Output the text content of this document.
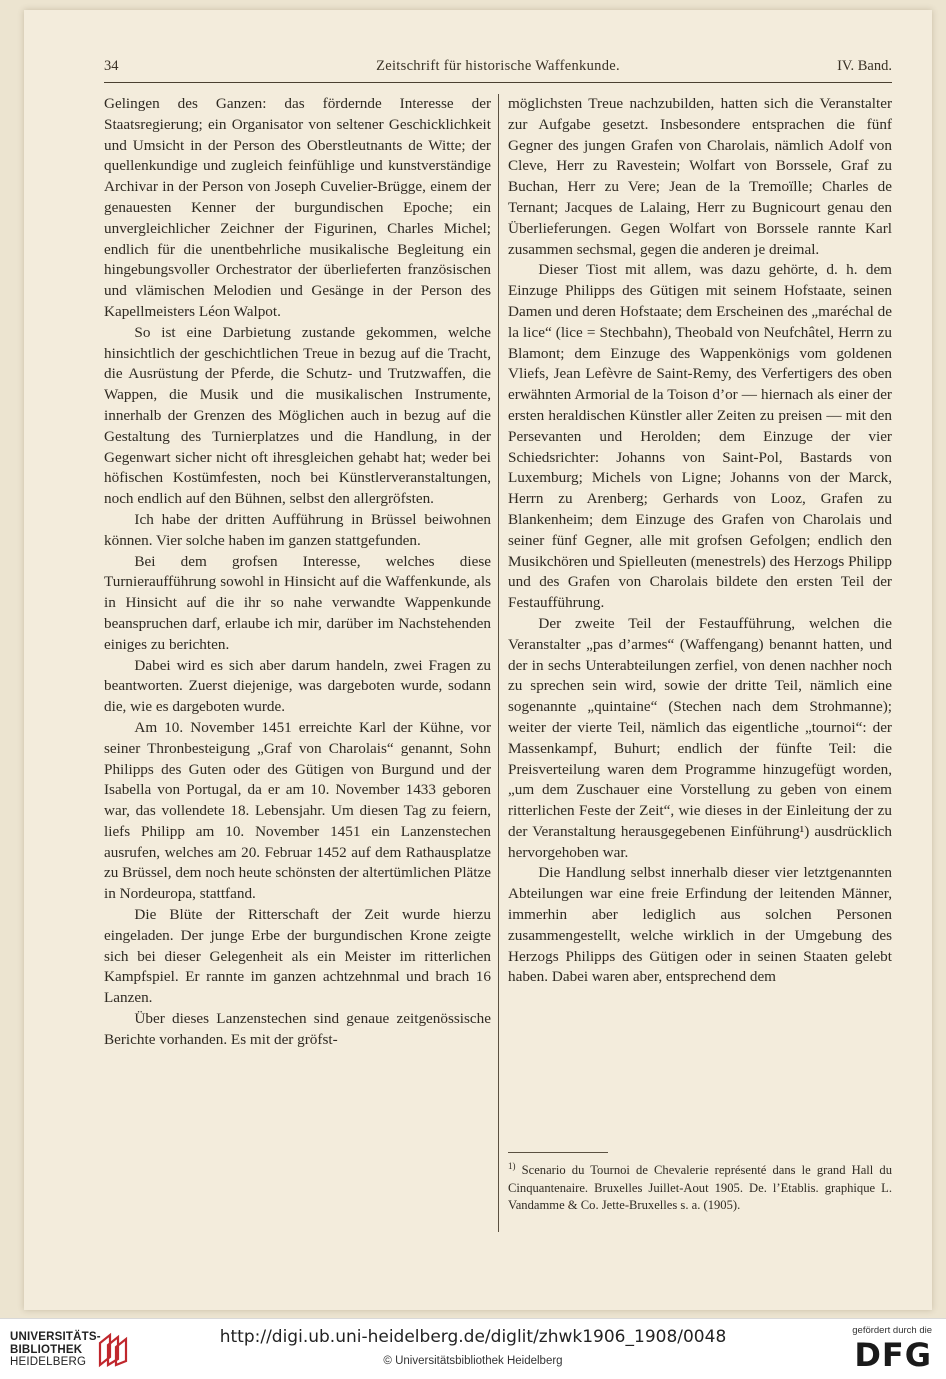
34	Zeitschrift für historische Waffenkunde.	IV. Band.

Gelingen des Ganzen: das fördernde Interesse der Staatsregierung; ein Organisator von seltener Geschicklichkeit und Umsicht in der Person des Oberstleutnants de Witte; der quellenkundige und zugleich feinfühlige und kunstverständige Archivar in der Person von Joseph Cuvelier-Brügge, einem der genauesten Kenner der burgundischen Epoche; ein unvergleichlicher Zeichner der Figurinen, Charles Michel; endlich für die unentbehrliche musikalische Begleitung ein hingebungsvoller Orchestrator der überlieferten französischen und vlämischen Melodien und Gesänge in der Person des Kapellmeisters Léon Walpot.

So ist eine Darbietung zustande gekommen, welche hinsichtlich der geschichtlichen Treue in bezug auf die Tracht, die Ausrüstung der Pferde, die Schutz- und Trutzwaffen, die Wappen, die Musik und die musikalischen Instrumente, innerhalb der Grenzen des Möglichen auch in bezug auf die Gestaltung des Turnierplatzes und die Handlung, in der Gegenwart sicher nicht oft ihresgleichen gehabt hat; weder bei höfischen Kostümfesten, noch bei Künstlerveranstaltungen, noch endlich auf den Bühnen, selbst den allergröfsten.

Ich habe der dritten Aufführung in Brüssel beiwohnen können. Vier solche haben im ganzen stattgefunden.

Bei dem grofsen Interesse, welches diese Turnieraufführung sowohl in Hinsicht auf die Waffenkunde, als in Hinsicht auf die ihr so nahe verwandte Wappenkunde beanspruchen darf, erlaube ich mir, darüber im Nachstehenden einiges zu berichten.

Dabei wird es sich aber darum handeln, zwei Fragen zu beantworten. Zuerst diejenige, was dargeboten wurde, sodann die, wie es dargeboten wurde.

Am 10. November 1451 erreichte Karl der Kühne, vor seiner Thronbesteigung „Graf von Charolais“ genannt, Sohn Philipps des Guten oder des Gütigen von Burgund und der Isabella von Portugal, da er am 10. November 1433 geboren war, das vollendete 18. Lebensjahr. Um diesen Tag zu feiern, liefs Philipp am 10. November 1451 ein Lanzenstechen ausrufen, welches am 20. Februar 1452 auf dem Rathausplatze zu Brüssel, dem noch heute schönsten der altertümlichen Plätze in Nordeuropa, stattfand.

Die Blüte der Ritterschaft der Zeit wurde hierzu eingeladen. Der junge Erbe der burgundischen Krone zeigte sich bei dieser Gelegenheit als ein Meister im ritterlichen Kampfspiel. Er rannte im ganzen achtzehnmal und brach 16 Lanzen.

Über dieses Lanzenstechen sind genaue zeitgenössische Berichte vorhanden. Es mit der gröfst-

möglichsten Treue nachzubilden, hatten sich die Veranstalter zur Aufgabe gesetzt. Insbesondere entsprachen die fünf Gegner des jungen Grafen von Charolais, nämlich Adolf von Cleve, Herr zu Ravestein; Wolfart von Borssele, Graf zu Buchan, Herr zu Vere; Jean de la Tremoïlle; Charles de Ternant; Jacques de Lalaing, Herr zu Bugnicourt genau den Überlieferungen. Gegen Wolfart von Borssele rannte Karl zusammen sechsmal, gegen die anderen je dreimal.

Dieser Tiost mit allem, was dazu gehörte, d. h. dem Einzuge Philipps des Gütigen mit seinem Hofstaate, seinen Damen und deren Hofstaate; dem Erscheinen des „maréchal de la lice“ (lice = Stechbahn), Theobald von Neufchâtel, Herrn zu Blamont; dem Einzuge des Wappenkönigs vom goldenen Vliefs, Jean Lefèvre de Saint-Remy, des Verfertigers des oben erwähnten Armorial de la Toison d’or — hiernach als einer der ersten heraldischen Künstler aller Zeiten zu preisen — mit den Persevanten und Herolden; dem Einzuge der vier Schiedsrichter: Johanns von Saint-Pol, Bastards von Luxemburg; Michels von Ligne; Johanns von der Marck, Herrn zu Arenberg; Gerhards von Looz, Grafen zu Blankenheim; dem Einzuge des Grafen von Charolais und seiner fünf Gegner, alle mit grofsen Gefolgen; endlich den Musikchören und Spielleuten (menestrels) des Herzogs Philipp und des Grafen von Charolais bildete den ersten Teil der Festaufführung.

Der zweite Teil der Festaufführung, welchen die Veranstalter „pas d’armes“ (Waffengang) benannt hatten, und der in sechs Unterabteilungen zerfiel, von denen nachher noch zu sprechen sein wird, sowie der dritte Teil, nämlich eine sogenannte „quintaine“ (Stechen nach dem Strohmanne); weiter der vierte Teil, nämlich das eigentliche „tournoi“: der Massenkampf, Buhurt; endlich der fünfte Teil: die Preisverteilung waren dem Programme hinzugefügt worden, „um dem Zuschauer eine Vorstellung zu geben von einem ritterlichen Feste der Zeit“, wie dieses in der Einleitung der zu der Veranstaltung herausgegebenen Einführung¹) ausdrücklich hervorgehoben war.

Die Handlung selbst innerhalb dieser vier letztgenannten Abteilungen war eine freie Erfindung der leitenden Männer, immerhin aber lediglich aus solchen Personen zusammengestellt, welche wirklich in der Umgebung des Herzogs Philipps des Gütigen oder in seinen Staaten gelebt haben. Dabei waren aber, entsprechend dem

$^{1)}$ Scenario du Tournoi de Chevalerie représenté dans le grand Hall du Cinquantenaire. Bruxelles Juillet-Aout 1905. De. l’Etablis. graphique L. Vandamme & Co. Jette-Bruxelles s. a. (1905).
UNIVERSITÄTS-
BIBLIOTHEK
HEIDELBERG
http://digi.ub.uni-heidelberg.de/diglit/zhwk1906_1908/0048
© Universitätsbibliothek Heidelberg
gefördert durch die
DFG
